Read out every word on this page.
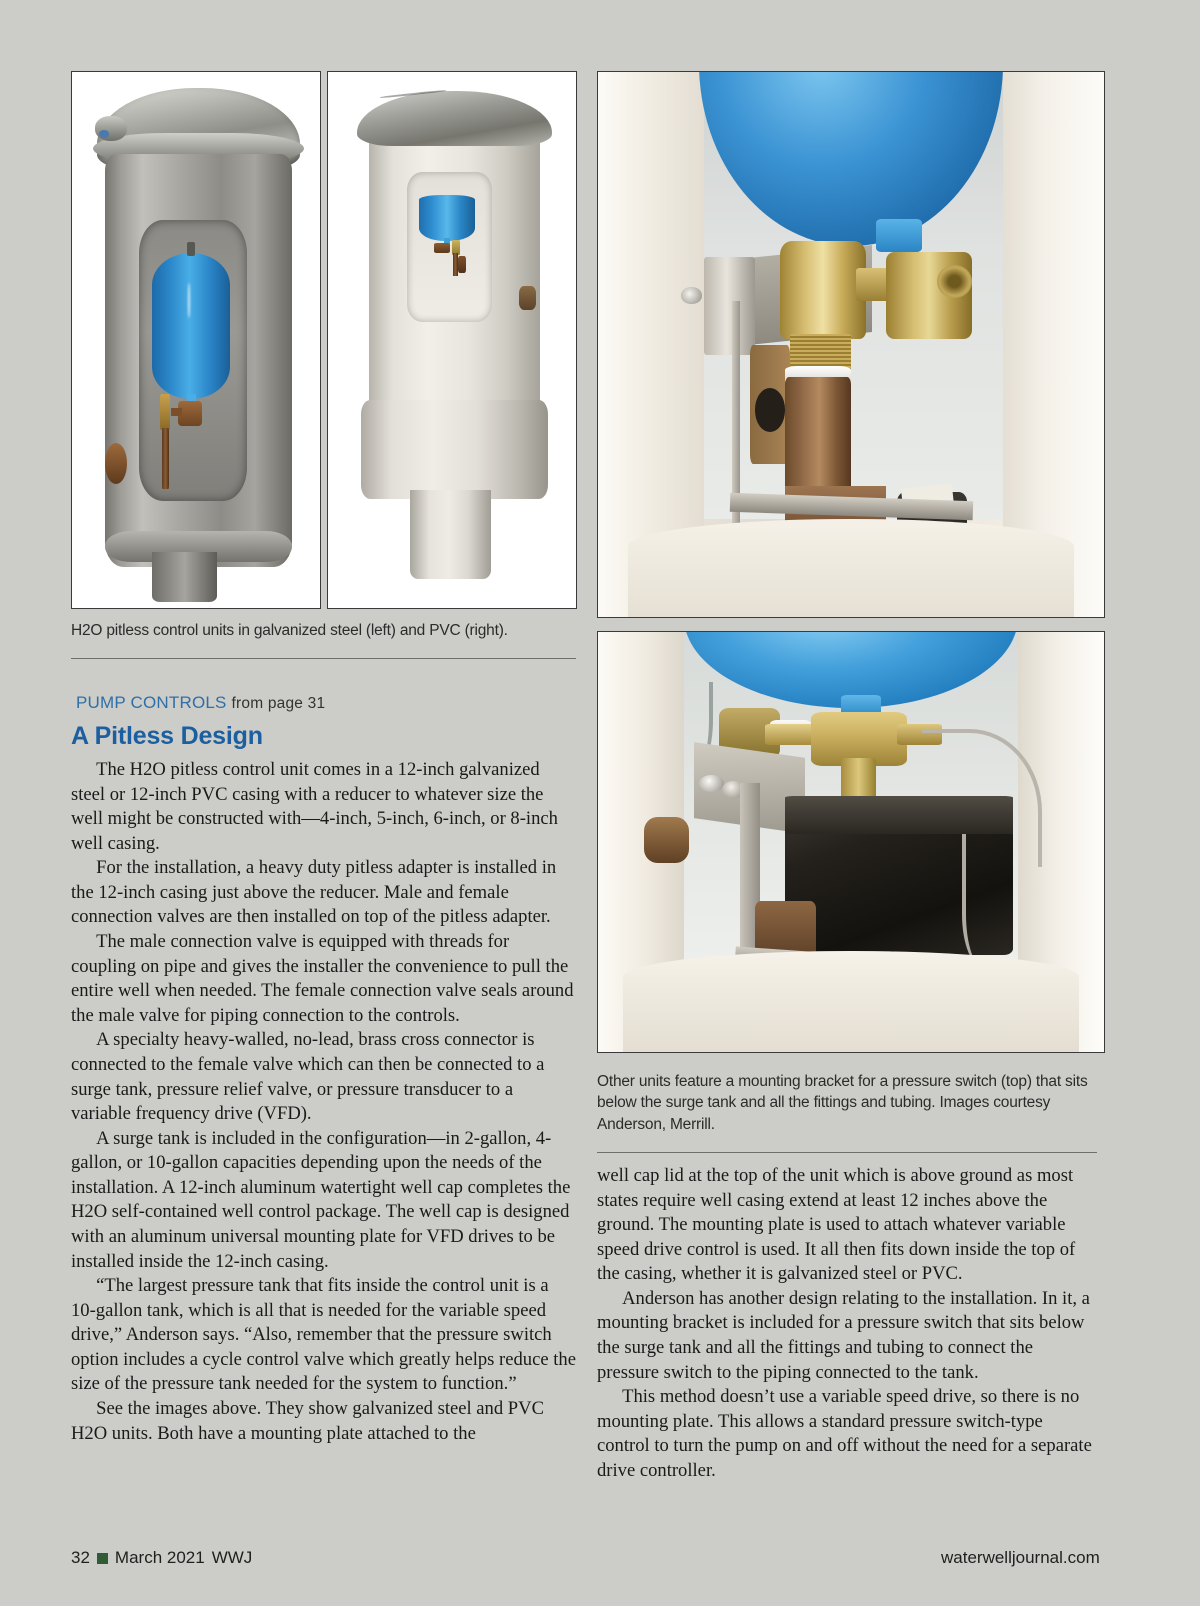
H2O pitless control units in galvanized steel (left) and PVC (right).
PUMP CONTROLS from page 31
A Pitless Design

The H2O pitless control unit comes in a 12-inch galvanized steel or 12-inch PVC casing with a reducer to whatever size the well might be constructed with—4-inch, 5-inch, 6-inch, or 8-inch well casing.

For the installation, a heavy duty pitless adapter is installed in the 12-inch casing just above the reducer. Male and female connection valves are then installed on top of the pitless adapter.

The male connection valve is equipped with threads for coupling on pipe and gives the installer the convenience to pull the entire well when needed. The female connection valve seals around the male valve for piping connection to the controls.

A specialty heavy-walled, no-lead, brass cross connector is connected to the female valve which can then be connected to a surge tank, pressure relief valve, or pressure transducer to a variable frequency drive (VFD).

A surge tank is included in the configuration—in 2-gallon, 4-gallon, or 10-gallon capacities depending upon the needs of the installation. A 12-inch aluminum watertight well cap completes the H2O self-contained well control package. The well cap is designed with an aluminum universal mounting plate for VFD drives to be installed inside the 12-inch casing.

“The largest pressure tank that fits inside the control unit is a 10-gallon tank, which is all that is needed for the variable speed drive,” Anderson says. “Also, remember that the pressure switch option includes a cycle control valve which greatly helps reduce the size of the pressure tank needed for the system to function.”

See the images above. They show galvanized steel and PVC H2O units. Both have a mounting plate attached to the

Other units feature a mounting bracket for a pressure switch (top) that sits below the surge tank and all the fittings and tubing. Images courtesy Anderson, Merrill.

well cap lid at the top of the unit which is above ground as most states require well casing extend at least 12 inches above the ground. The mounting plate is used to attach whatever variable speed drive control is used. It all then fits down inside the top of the casing, whether it is galvanized steel or PVC.

Anderson has another design relating to the installation. In it, a mounting bracket is included for a pressure switch that sits below the surge tank and all the fittings and tubing to connect the pressure switch to the piping connected to the tank.

This method doesn’t use a variable speed drive, so there is no mounting plate. This allows a standard pressure switch-type control to turn the pump on and off without the need for a separate drive controller.

32 March 2021 WWJ	waterwelljournal.com
